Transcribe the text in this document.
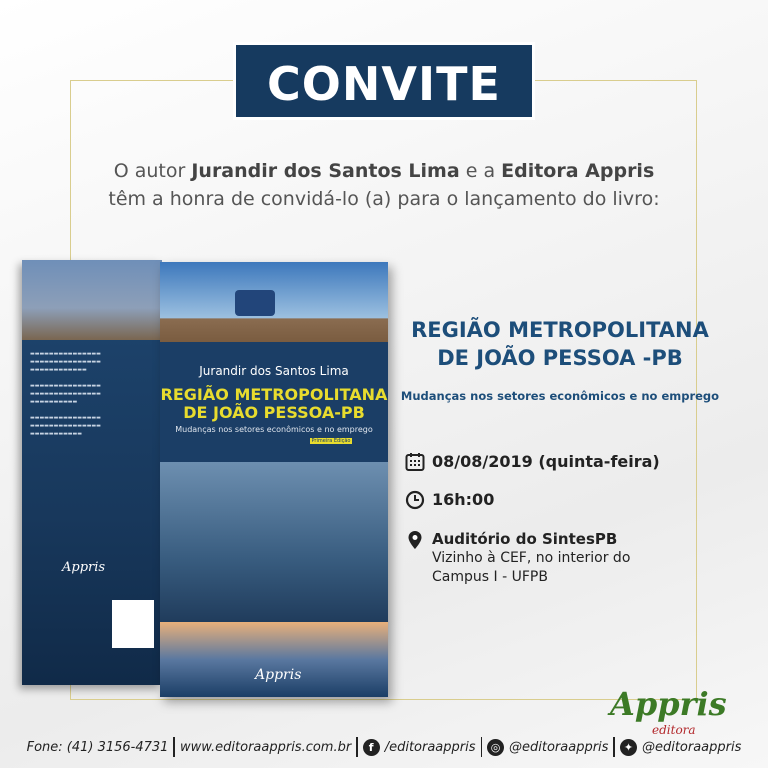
CONVITE
O autor Jurandir dos Santos Lima e a Editora Appris
têm a honra de convidá-lo (a) para o lançamento do livro:
▬▬▬▬▬▬▬▬▬▬▬▬▬▬▬
▬▬▬▬▬▬▬▬▬▬▬▬▬▬▬
▬▬▬▬▬▬▬▬▬▬▬▬

▬▬▬▬▬▬▬▬▬▬▬▬▬▬▬
▬▬▬▬▬▬▬▬▬▬▬▬▬▬▬
▬▬▬▬▬▬▬▬▬▬

▬▬▬▬▬▬▬▬▬▬▬▬▬▬▬
▬▬▬▬▬▬▬▬▬▬▬▬▬▬▬
▬▬▬▬▬▬▬▬▬▬▬
Appris
Jurandir dos Santos Lima
REGIÃO METROPOLITANA
DE JOÃO PESSOA-PB
Mudanças nos setores econômicos e no emprego
Primeira Edição
Appris
REGIÃO METROPOLITANA
DE JOÃO PESSOA -PB
Mudanças nos setores econômicos e no emprego
08/08/2019 (quinta-feira)
16h:00
Auditório do SintesPB
Vizinho à CEF, no interior do
Campus I - UFPB
Appris
editora
Fone: (41) 3156-4731 www.editoraappris.com.br	f /editoraappris	◎ @editoraappris	✦ @editoraappris
